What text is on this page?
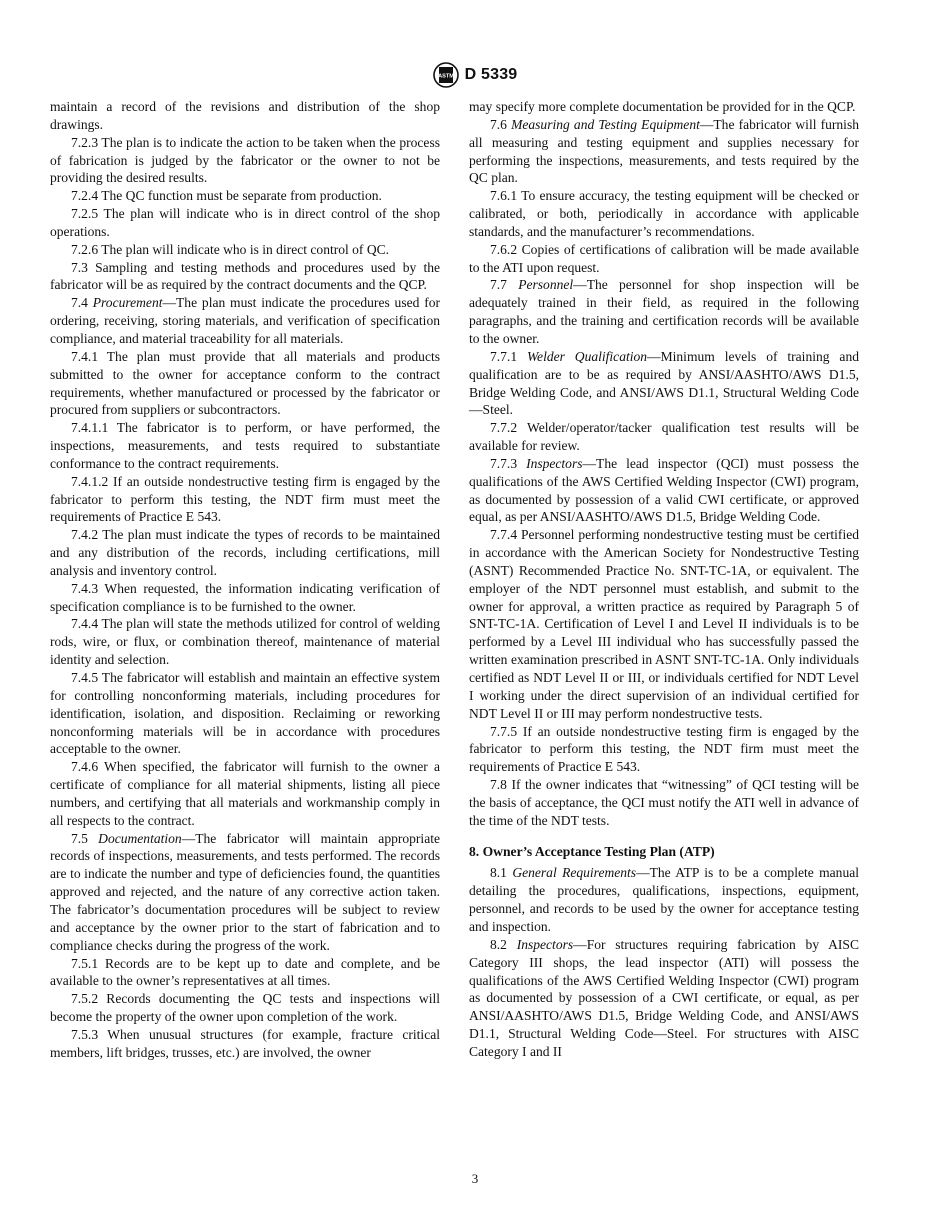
ASTM D 5339

maintain a record of the revisions and distribution of the shop drawings.

7.2.3 The plan is to indicate the action to be taken when the process of fabrication is judged by the fabricator or the owner to not be providing the desired results.

7.2.4 The QC function must be separate from production.

7.2.5 The plan will indicate who is in direct control of the shop operations.

7.2.6 The plan will indicate who is in direct control of QC.

7.3 Sampling and testing methods and procedures used by the fabricator will be as required by the contract documents and the QCP.

7.4 Procurement—The plan must indicate the procedures used for ordering, receiving, storing materials, and verification of specification compliance, and material traceability for all materials.

7.4.1 The plan must provide that all materials and products submitted to the owner for acceptance conform to the contract requirements, whether manufactured or processed by the fabricator or procured from suppliers or subcontractors.

7.4.1.1 The fabricator is to perform, or have performed, the inspections, measurements, and tests required to substantiate conformance to the contract requirements.

7.4.1.2 If an outside nondestructive testing firm is engaged by the fabricator to perform this testing, the NDT firm must meet the requirements of Practice E 543.

7.4.2 The plan must indicate the types of records to be maintained and any distribution of the records, including certifications, mill analysis and inventory control.

7.4.3 When requested, the information indicating verification of specification compliance is to be furnished to the owner.

7.4.4 The plan will state the methods utilized for control of welding rods, wire, or flux, or combination thereof, maintenance of material identity and selection.

7.4.5 The fabricator will establish and maintain an effective system for controlling nonconforming materials, including procedures for identification, isolation, and disposition. Reclaiming or reworking nonconforming materials will be in accordance with procedures acceptable to the owner.

7.4.6 When specified, the fabricator will furnish to the owner a certificate of compliance for all material shipments, listing all piece numbers, and certifying that all materials and workmanship comply in all respects to the contract.

7.5 Documentation—The fabricator will maintain appropriate records of inspections, measurements, and tests performed. The records are to indicate the number and type of deficiencies found, the quantities approved and rejected, and the nature of any corrective action taken. The fabricator’s documentation procedures will be subject to review and acceptance by the owner prior to the start of fabrication and to compliance checks during the progress of the work.

7.5.1 Records are to be kept up to date and complete, and be available to the owner’s representatives at all times.

7.5.2 Records documenting the QC tests and inspections will become the property of the owner upon completion of the work.

7.5.3 When unusual structures (for example, fracture critical members, lift bridges, trusses, etc.) are involved, the owner

may specify more complete documentation be provided for in the QCP.

7.6 Measuring and Testing Equipment—The fabricator will furnish all measuring and testing equipment and supplies necessary for performing the inspections, measurements, and tests required by the QC plan.

7.6.1 To ensure accuracy, the testing equipment will be checked or calibrated, or both, periodically in accordance with applicable standards, and the manufacturer’s recommendations.

7.6.2 Copies of certifications of calibration will be made available to the ATI upon request.

7.7 Personnel—The personnel for shop inspection will be adequately trained in their field, as required in the following paragraphs, and the training and certification records will be available to the owner.

7.7.1 Welder Qualification—Minimum levels of training and qualification are to be as required by ANSI/AASHTO/AWS D1.5, Bridge Welding Code, and ANSI/AWS D1.1, Structural Welding Code—Steel.

7.7.2 Welder/operator/tacker qualification test results will be available for review.

7.7.3 Inspectors—The lead inspector (QCI) must possess the qualifications of the AWS Certified Welding Inspector (CWI) program, as documented by possession of a valid CWI certificate, or approved equal, as per ANSI/AASHTO/AWS D1.5, Bridge Welding Code.

7.7.4 Personnel performing nondestructive testing must be certified in accordance with the American Society for Nondestructive Testing (ASNT) Recommended Practice No. SNT-TC-1A, or equivalent. The employer of the NDT personnel must establish, and submit to the owner for approval, a written practice as required by Paragraph 5 of SNT-TC-1A. Certification of Level I and Level II individuals is to be performed by a Level III individual who has successfully passed the written examination prescribed in ASNT SNT-TC-1A. Only individuals certified as NDT Level II or III, or individuals certified for NDT Level I working under the direct supervision of an individual certified for NDT Level II or III may perform nondestructive tests.

7.7.5 If an outside nondestructive testing firm is engaged by the fabricator to perform this testing, the NDT firm must meet the requirements of Practice E 543.

7.8 If the owner indicates that “witnessing” of QCI testing will be the basis of acceptance, the QCI must notify the ATI well in advance of the time of the NDT tests.

8. Owner’s Acceptance Testing Plan (ATP)

8.1 General Requirements—The ATP is to be a complete manual detailing the procedures, qualifications, inspections, equipment, personnel, and records to be used by the owner for acceptance testing and inspection.

8.2 Inspectors—For structures requiring fabrication by AISC Category III shops, the lead inspector (ATI) will possess the qualifications of the AWS Certified Welding Inspector (CWI) program as documented by possession of a CWI certificate, or equal, as per ANSI/AASHTO/AWS D1.5, Bridge Welding Code, and ANSI/AWS D1.1, Structural Welding Code—Steel. For structures with AISC Category I and II

3
